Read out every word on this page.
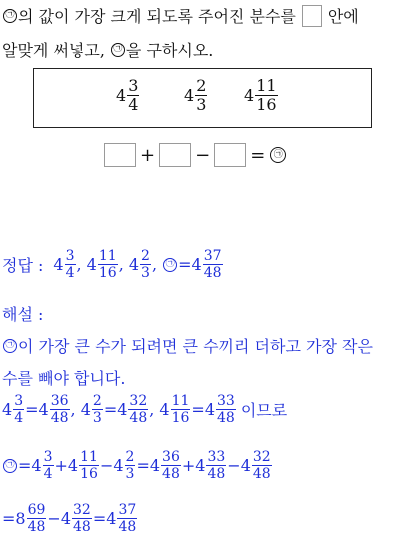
㉠ 의 값이 가장 크게 되도록 주어진 분수를 안에
알맞게 써넣고, ㉠ 을 구하시오.
$4 \frac{3}{4}$	$4 \frac{2}{3} 4 \frac{11}{16}$
+ − = ㉠
정답 : $4 \frac{3}{4}$ , $4 \frac{11}{16}$ , $4 \frac{2}{3}$ , ㉠ = $4 \frac{37}{48}$
해설 :
㉠ 이 가장 큰 수가 되려면 큰 수끼리 더하고 가장 작은
수를 빼야 합니다.
$4 \frac{3}{4} = 4 \frac{36}{48}$ , $4 \frac{2}{3} = 4 \frac{32}{48}$ , $4 \frac{11}{16} = 4 \frac{33}{48}$ 이므로
㉠ = $4 \frac{3}{4} + 4 \frac{11}{16} - 4 \frac{2}{3} = 4 \frac{36}{48} + 4 \frac{33}{48} - 4 \frac{32}{48}$
= $8 \frac{69}{48} - 4 \frac{32}{48} = 4 \frac{37}{48}$
